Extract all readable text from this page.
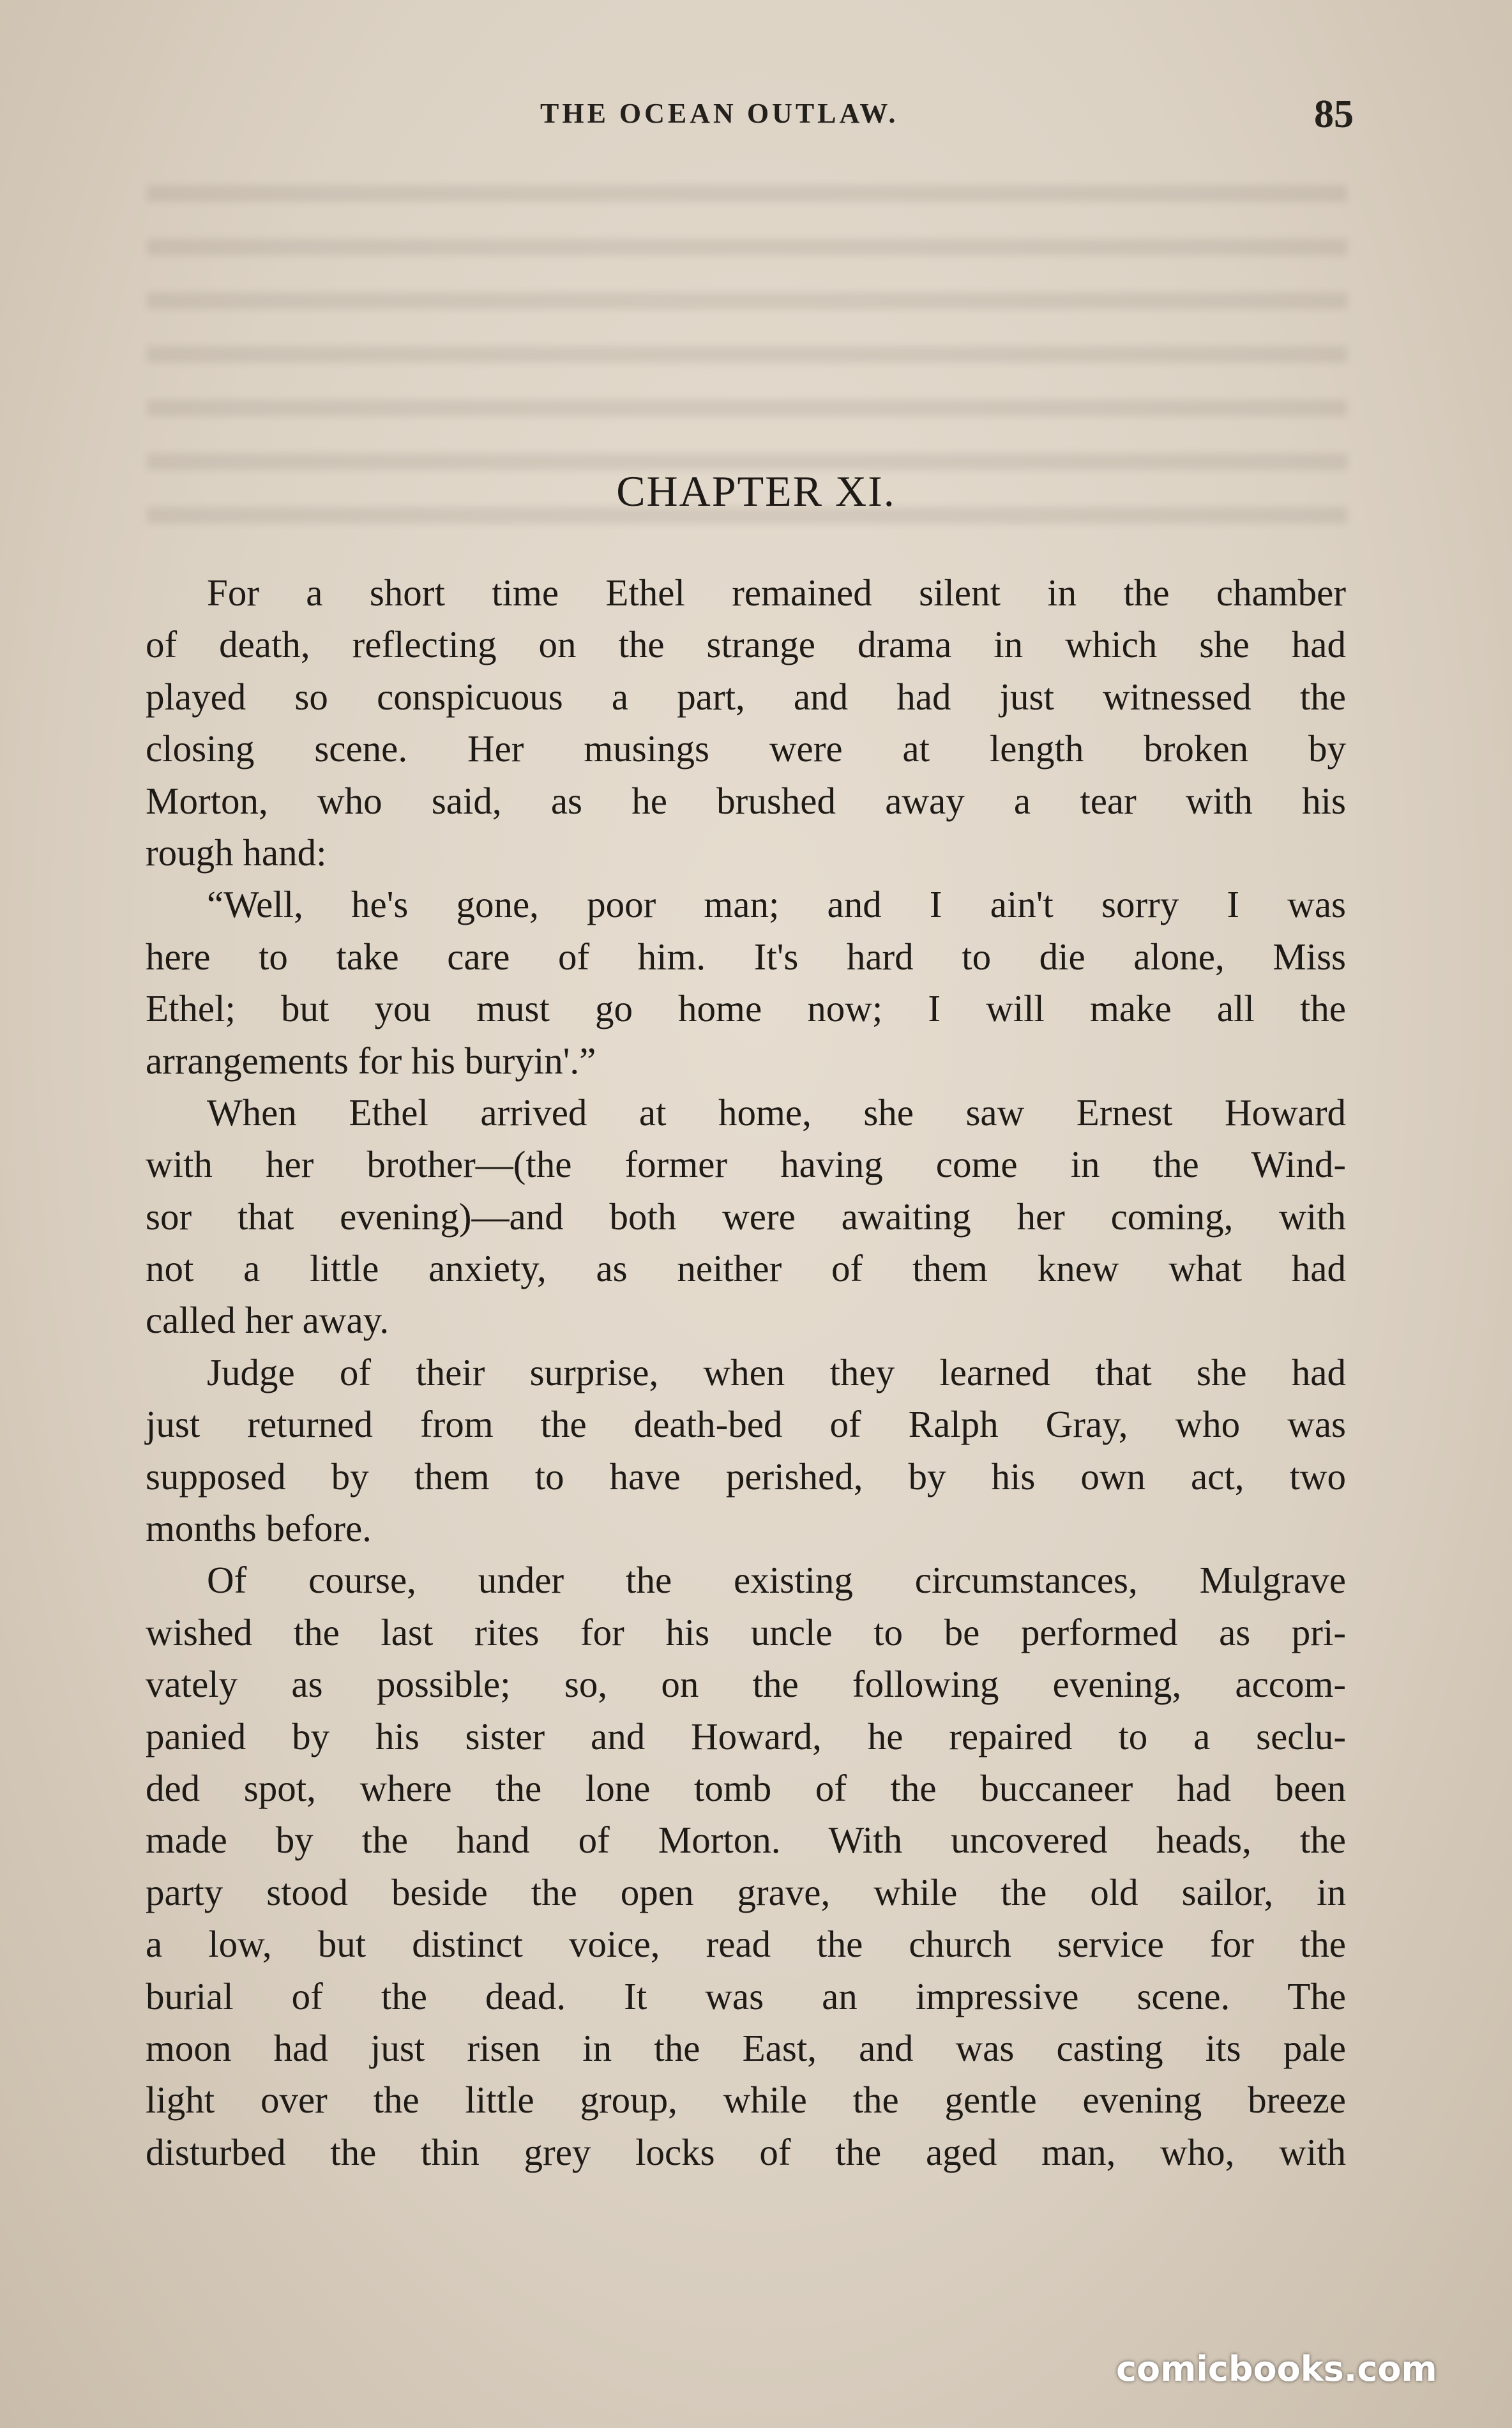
THE OCEAN OUTLAW.	85
CHAPTER XI.
For a short time Ethel remained silent in the chamber
of death, reflecting on the strange drama in which she had
played so conspicuous a part, and had just witnessed the
closing scene. Her musings were at length broken by
Morton, who said, as he brushed away a tear with his
rough hand:
“Well, he's gone, poor man; and I ain't sorry I was
here to take care of him. It's hard to die alone, Miss
Ethel; but you must go home now; I will make all the
arrangements for his buryin'.”
When Ethel arrived at home, she saw Ernest Howard
with her brother—(the former having come in the Wind-
sor that evening)—and both were awaiting her coming, with
not a little anxiety, as neither of them knew what had
called her away.
Judge of their surprise, when they learned that she had
just returned from the death-bed of Ralph Gray, who was
supposed by them to have perished, by his own act, two
months before.
Of course, under the existing circumstances, Mulgrave
wished the last rites for his uncle to be performed as pri-
vately as possible; so, on the following evening, accom-
panied by his sister and Howard, he repaired to a seclu-
ded spot, where the lone tomb of the buccaneer had been
made by the hand of Morton. With uncovered heads, the
party stood beside the open grave, while the old sailor, in
a low, but distinct voice, read the church service for the
burial of the dead. It was an impressive scene. The
moon had just risen in the East, and was casting its pale
light over the little group, while the gentle evening breeze
disturbed the thin grey locks of the aged man, who, with
comicbooks.com
